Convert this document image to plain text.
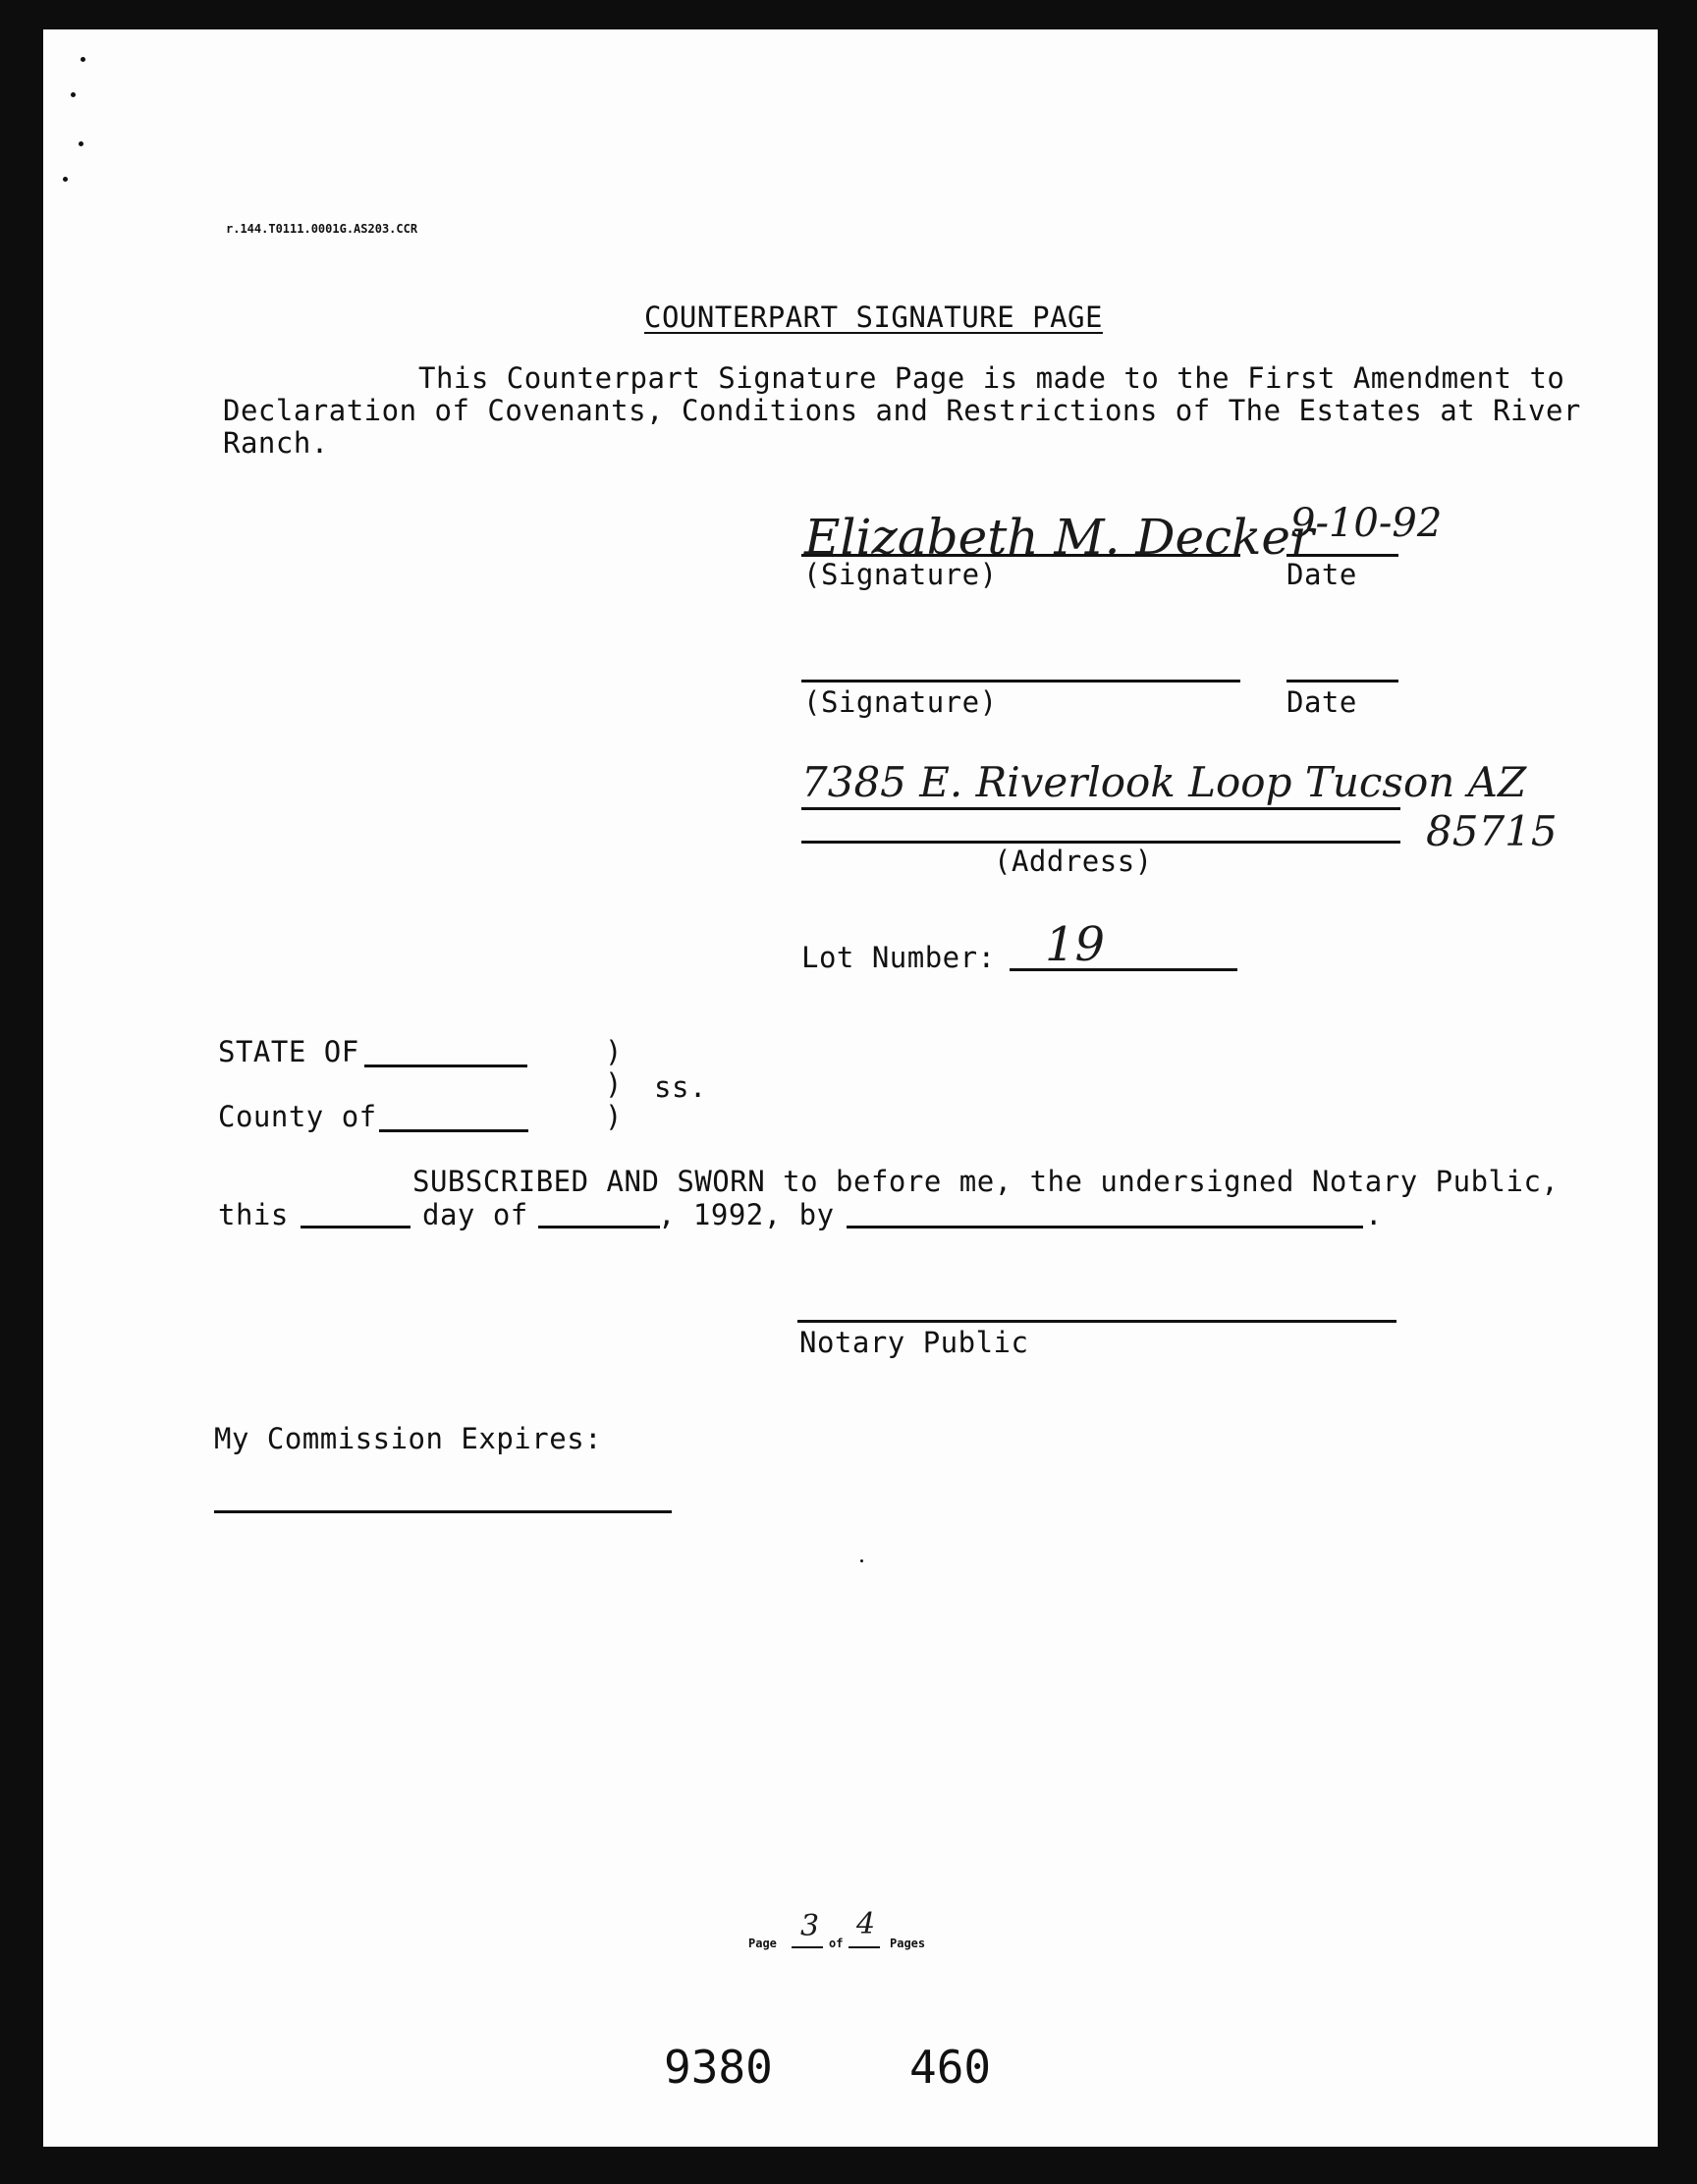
r.144.T0111.0001G.AS203.CCR
COUNTERPART SIGNATURE PAGE
This Counterpart Signature Page is made to the First Amendment to
Declaration of Covenants, Conditions and Restrictions of The Estates at River
Ranch.
Elizabeth M. Decker
(Signature)
9-10-92
Date
(Signature)	Date
7385 E. Riverlook Loop Tucson AZ
85715
(Address)
Lot Number: 19
STATE OF
County of
)
)
)
ss.
SUBSCRIBED AND SWORN to before me, the undersigned Notary Public,
this	day of	, 1992, by	.
Notary Public
My Commission Expires:
Page 3 of
4
Pages
9380	460
